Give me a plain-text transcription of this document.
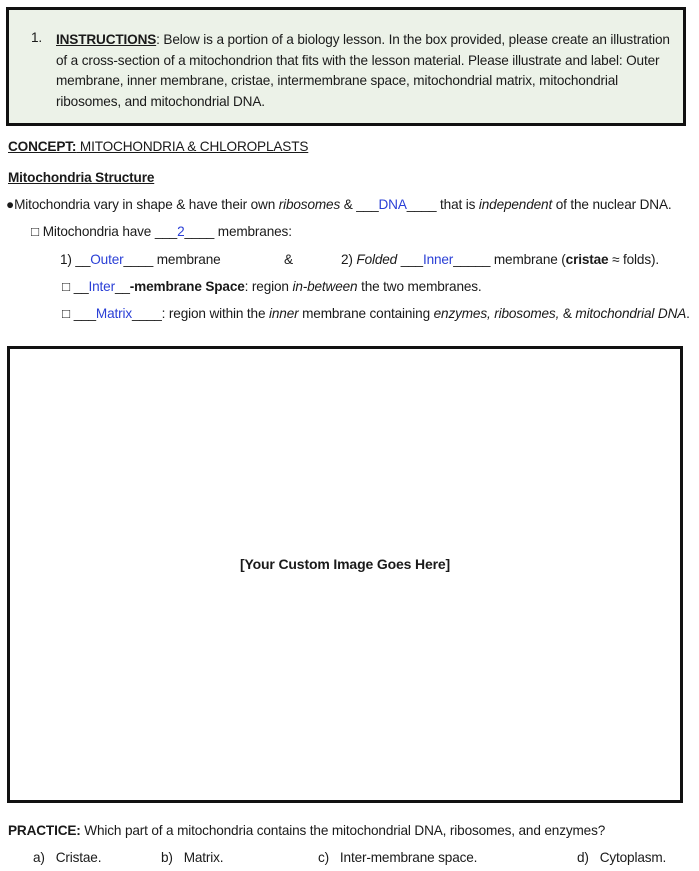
1. INSTRUCTIONS: Below is a portion of a biology lesson. In the box provided, please create an illustration of a cross-section of a mitochondrion that fits with the lesson material. Please illustrate and label: Outer membrane, inner membrane, cristae, intermembrane space, mitochondrial matrix, mitochondrial ribosomes, and mitochondrial DNA.
CONCEPT: MITOCHONDRIA & CHLOROPLASTS
Mitochondria Structure
●Mitochondria vary in shape & have their own ribosomes & ___DNA____ that is independent of the nuclear DNA.
□ Mitochondria have ___2____ membranes:
1) __Outer____ membrane	&	2) Folded ___Inner_____ membrane (cristae ≈ folds).
□ __Inter__-membrane Space: region in-between the two membranes.
□ ___Matrix____: region within the inner membrane containing enzymes, ribosomes, & mitochondrial DNA.
[Your Custom Image Goes Here]
PRACTICE: Which part of a mitochondria contains the mitochondrial DNA, ribosomes, and enzymes?
a) Cristae.	b) Matrix.	c) Inter-membrane space.	d) Cytoplasm.
